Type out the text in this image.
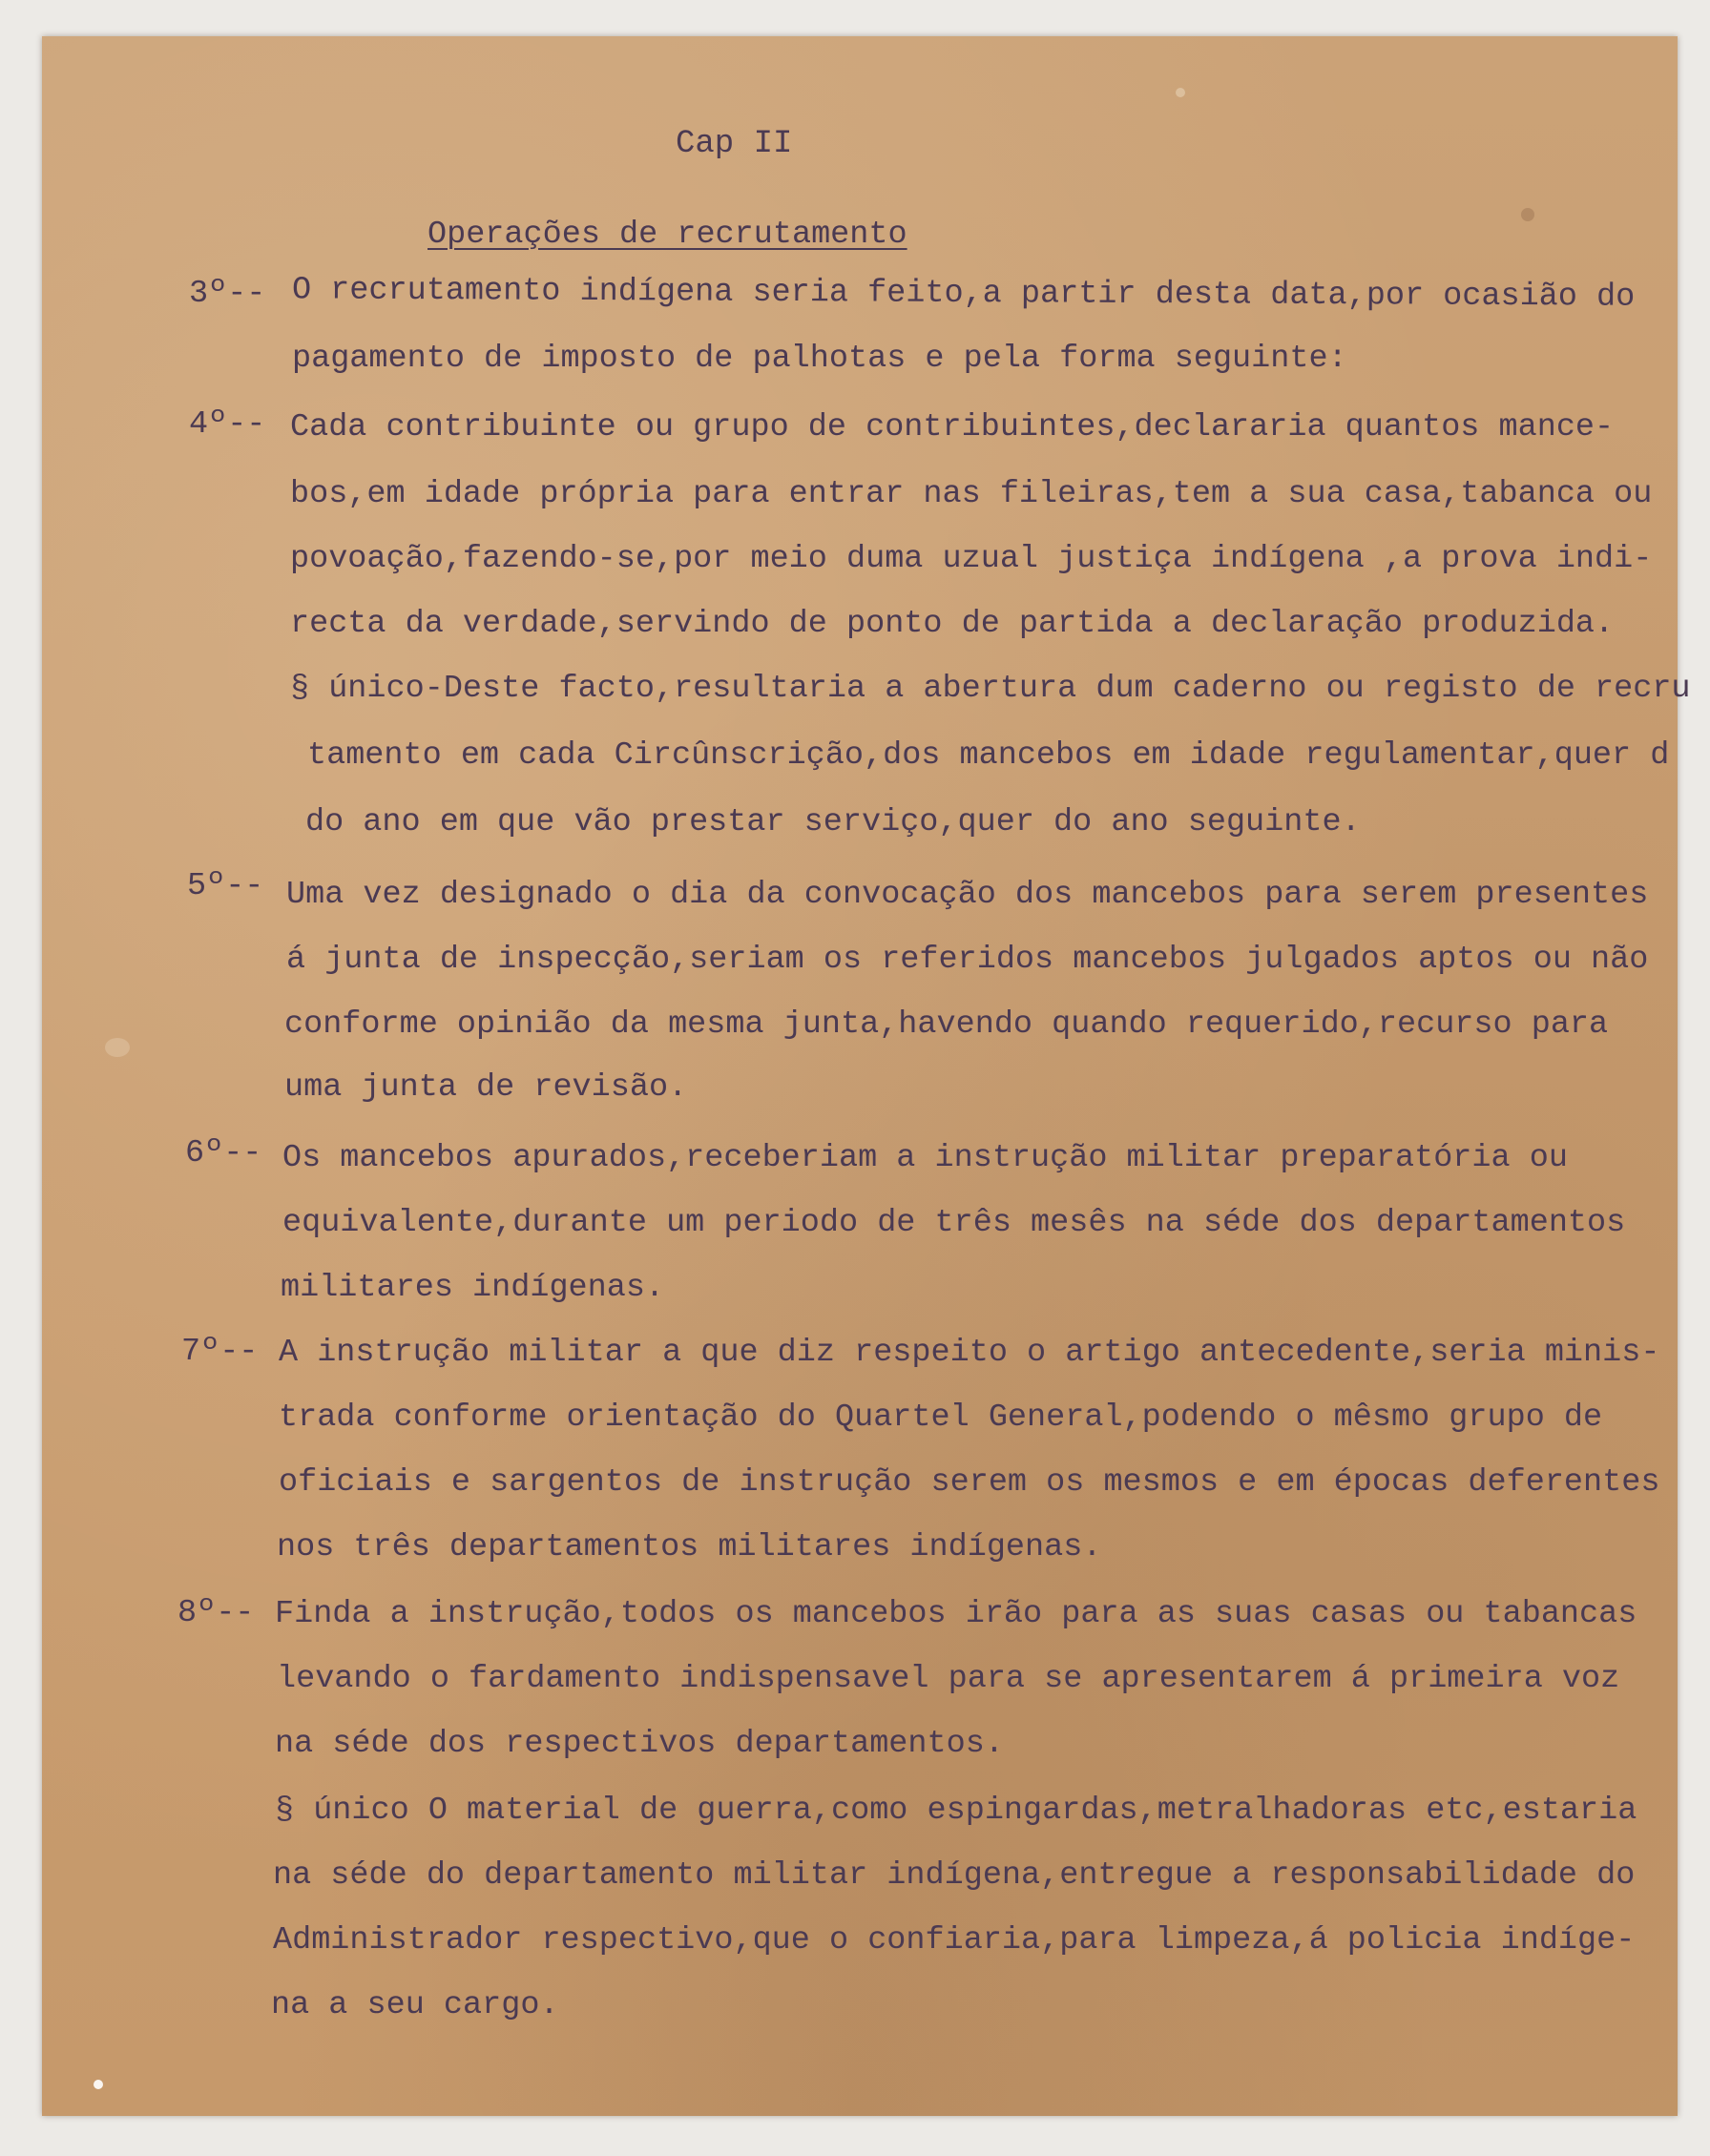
Cap II
Operações de recrutamento
3º-- O recrutamento indígena seria feito,a partir desta data,por ocasião do
pagamento de imposto de palhotas e pela forma seguinte:
4º-- Cada contribuinte ou grupo de contribuintes,declararia quantos mance-
bos,em idade própria para entrar nas fileiras,tem a sua casa,tabanca ou
povoação,fazendo-se,por meio duma uzual justiça indígena ,a prova indi-
recta da verdade,servindo de ponto de partida a declaração produzida.
§ único-Deste facto,resultaria a abertura dum caderno ou registo de recru
tamento em cada Circûnscrição,dos mancebos em idade regulamentar,quer d
do ano em que vão prestar serviço,quer do ano seguinte.
5º-- Uma vez designado o dia da convocação dos mancebos para serem presentes
á junta de inspecção,seriam os referidos mancebos julgados aptos ou não
conforme opinião da mesma junta,havendo quando requerido,recurso para
uma junta de revisão.
6º-- Os mancebos apurados,receberiam a instrução militar preparatória ou
equivalente,durante um periodo de três mesês na séde dos departamentos
militares indígenas.
7º-- A instrução militar a que diz respeito o artigo antecedente,seria minis-
trada conforme orientação do Quartel General,podendo o mêsmo grupo de
oficiais e sargentos de instrução serem os mesmos e em épocas deferentes
nos três departamentos militares indígenas.
8º-- Finda a instrução,todos os mancebos irão para as suas casas ou tabancas
levando o fardamento indispensavel para se apresentarem á primeira voz
na séde dos respectivos departamentos.
§ único O material de guerra,como espingardas,metralhadoras etc,estaria
na séde do departamento militar indígena,entregue a responsabilidade do
Administrador respectivo,que o confiaria,para limpeza,á policia indíge-
na a seu cargo.
